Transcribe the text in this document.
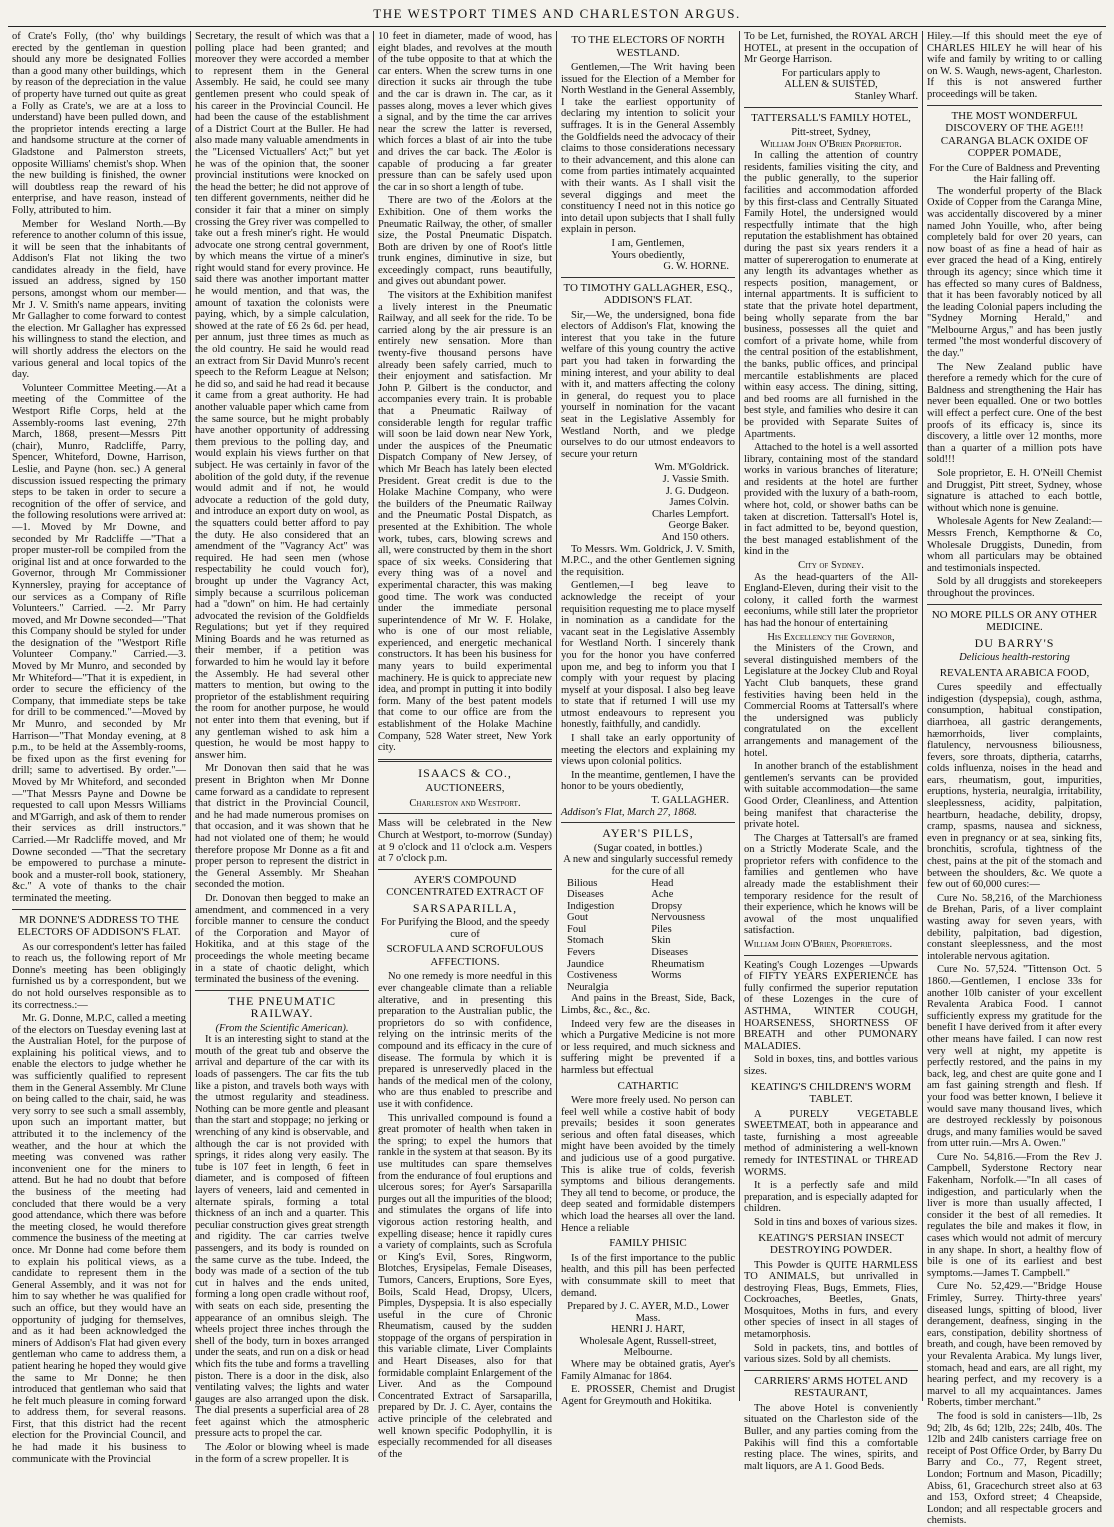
THE WESTPORT TIMES AND CHARLESTON ARGUS.

of Crate's Folly, (tho' why buildings erected by the gentleman in question should any more be designated Follies than a good many other buildings, which by reason of the depreciation in the value of property have turned out quite as great a Folly as Crate's, we are at a loss to understand) have been pulled down, and the proprietor intends erecting a large and handsome structure at the corner of Gladstone and Palmerston streets, opposite Williams' chemist's shop. When the new building is finished, the owner will doubtless reap the reward of his enterprise, and have reason, instead of Folly, attributed to him.

Member for Wesland North.—By reference to another column of this issue, it will be seen that the inhabitants of Addison's Flat not liking the two candidates already in the field, have issued an address, signed by 150 persons, amongst whom our member—Mr J. V. Smith's name appears, inviting Mr Gallagher to come forward to contest the election. Mr Gallagher has expressed his willingness to stand the election, and will shortly address the electors on the various general and local topics of the day.

Volunteer Committee Meeting.—At a meeting of the Committee of the Westport Rifle Corps, held at the Assembly-rooms last evening, 27th March, 1868, present—Messrs Pitt (chair), Munro, Radcliffe, Parry, Spencer, Whiteford, Downe, Harrison, Leslie, and Payne (hon. sec.) A general discussion issued respecting the primary steps to be taken in order to secure a recognition of the offer of service, and the following resolutions were arrived at:—1. Moved by Mr Downe, and seconded by Mr Radcliffe —"That a proper muster-roll be compiled from the original list and at once forwarded to the Governor, through Mr Commissioner Kynnersley, praying for acceptance of our services as a Company of Rifle Volunteers." Carried. —2. Mr Parry moved, and Mr Downe seconded—"That this Company should be styled for under the designation of the "Westport Rifle Volunteer Company." Carried.—3. Moved by Mr Munro, and seconded by Mr Whiteford—"That it is expedient, in order to secure the efficiency of the Company, that immediate steps be take for drill to be commenced."—Moved by Mr Munro, and seconded by Mr Harrison—"That Monday evening, at 8 p.m., to be held at the Assembly-rooms, be fixed upon as the first evening for drill; same to advertised. By order."—Moved by Mr Whiteford, and seconded—"That Messrs Payne and Downe be requested to call upon Messrs Williams and M'Garrigh, and ask of them to render their services as drill instructors." Carried.—Mr Radcliffe moved, and Mr Downe seconded —"That the secretary be empowered to purchase a minute-book and a muster-roll book, stationery, &c." A vote of thanks to the chair terminated the meeting.

MR DONNE'S ADDRESS TO THE ELECTORS OF ADDISON'S FLAT.

As our correspondent's letter has failed to reach us, the following report of Mr Donne's meeting has been obligingly furnished us by a correspondent, but we do not hold ourselves responsible as to its correctness.:—

Mr. G. Donne, M.P.C, called a meeting of the electors on Tuesday evening last at the Australian Hotel, for the purpose of explaining his political views, and to enable the electors to judge whether he was sufficiently qualified to represent them in the General Assembly. Mr Clune on being called to the chair, said, he was very sorry to see such a small assembly, upon such an important matter, but attributed it to the inclemency of the weather, and the hour at which the meeting was convened was rather inconvenient one for the miners to attend. But he had no doubt that before the business of the meeting had concluded that there would be a very good attendance, which there was before the meeting closed, he would therefore commence the business of the meeting at once. Mr Donne had come before them to explain his political views, as a candidate to represent them in the General Assembly, and it was not for him to say whether he was qualified for such an office, but they would have an opportunity of judging for themselves, and as it had been acknowledged the miners of Addison's Flat had given every gentleman who came to address them, a patient hearing he hoped they would give the same to Mr Donne; he then introduced that gentleman who said that he felt much pleasure in coming forward to address them, for several reasons. First, that this district had the recent election for the Provincial Council, and he had made it his business to communicate with the Provincial

Secretary, the result of which was that a polling place had been granted; and moreover they were accorded a member to represent them in the General Assembly. He said, he could see many gentlemen present who could speak of his career in the Provincial Council. He had been the cause of the establishment of a District Court at the Buller. He had also made many valuable amendments in the "Licensed Victuallers' Act;" but yet he was of the opinion that, the sooner provincial institutions were knocked on the head the better; he did not approve of ten different governments, neither did he consider it fair that a miner on simply crossing the Grey river was compelled to take out a fresh miner's right. He would advocate one strong central government, by which means the virtue of a miner's right would stand for every province. He said there was another important matter he would mention, and that was, the amount of taxation the colonists were paying, which, by a simple calculation, showed at the rate of £6 2s 6d. per head, per annum, just three times as much as the old country. He said he would read an extract from Sir David Munro's recent speech to the Reform League at Nelson; he did so, and said he had read it because it came from a great authority. He had another valuable paper which came from the same source, but he might probably have another opportunity of addressing them previous to the polling day, and would explain his views further on that subject. He was certainly in favor of the abolition of the gold duty, if the revenue would admit and if not, he would advocate a reduction of the gold duty, and introduce an export duty on wool, as the squatters could better afford to pay the duty. He also considered that an amendment of the "Vagrancy Act" was required. He had seen men (whose respectability he could vouch for), brought up under the Vagrancy Act, simply because a scurrilous policeman had a "down" on him. He had certainly advocated the revision of the Goldfields Regulations; but yet if they required Mining Boards and he was returned as their member, if a petition was forwarded to him he would lay it before the Assembly. He had several other matters to mention, but owing to the proprietor of the establishment requiring the room for another purpose, he would not enter into them that evening, but if any gentleman wished to ask him a question, he would be most happy to answer him.

Mr Donovan then said that he was present in Brighton when Mr Donne came forward as a candidate to represent that district in the Provincial Council, and he had made numerous promises on that occasion, and it was shown that he had not violated one of them; he would therefore propose Mr Donne as a fit and proper person to represent the district in the General Assembly. Mr Sheahan seconded the motion.

Dr. Donovan then begged to make an amendment, and commenced in a very forcible manner to censure the conduct of the Corporation and Mayor of Hokitika, and at this stage of the proceedings the whole meeting became in a state of chaotic delight, which terminated the business of the evening.

THE PNEUMATIC RAILWAY.
(From the Scientific American).

It is an interesting sight to stand at the mouth of the great tub and observe the arrival and departure of the car with its loads of passengers. The car fits the tub like a piston, and travels both ways with the utmost regularity and steadiness. Nothing can be more gentle and pleasant than the start and stoppage; no jerking or wrenching of any kind is observable, and although the car is not provided with springs, it rides along very easily. The tube is 107 feet in length, 6 feet in diameter, and is composed of fifteen layers of veneers, laid and cemented in alternate spirals, forming a total thickness of an inch and a quarter. This peculiar construction gives great strength and rigidity. The car carries twelve passengers, and its body is rounded on the same curve as the tube. Indeed, the body was made of a section of the tub cut in halves and the ends united, forming a long open cradle without roof, with seats on each side, presenting the appearance of an omnibus sleigh. The wheels project three inches through the shell of the body, turn in boxes arranged under the seats, and run on a disk or head which fits the tube and forms a travelling piston. There is a door in the disk, also ventilating valves; the lights and water gauges are also arranged upon the disk. The dial presents a superficial area of 28 feet against which the atmospheric pressure acts to propel the car.

The Æolor or blowing wheel is made in the form of a screw propeller. It is

10 feet in diameter, made of wood, has eight blades, and revolves at the mouth of the tube opposite to that at which the car enters. When the screw turns in one direction it sucks air through the tube and the car is drawn in. The car, as it passes along, moves a lever which gives a signal, and by the time the car arrives near the screw the latter is reversed, which forces a blast of air into the tube and drives the car back. The Æolor is capable of producing a far greater pressure than can be safely used upon the car in so short a length of tube.

There are two of the Æolors at the Exhibition. One of them works the Pneumatic Railway, the other, of smaller size, the Postal Pneumatic Dispatch. Both are driven by one of Root's little trunk engines, diminutive in size, but exceedingly compact, runs beautifully, and gives out abundant power.

The visitors at the Exhibition manifest a lively interest in the Pneumatic Railway, and all seek for the ride. To be carried along by the air pressure is an entirely new sensation. More than twenty-five thousand persons have already been safely carried, much to their enjoyment and satisfaction. Mr John P. Gilbert is the conductor, and accompanies every train. It is probable that a Pneumatic Railway of considerable length for regular traffic will soon be laid down near New York, under the auspices of the Pneumatic Dispatch Company of New Jersey, of which Mr Beach has lately been elected President. Great credit is due to the Holake Machine Company, who were the builders of the Pneumatic Railway and the Pneumatic Postal Dispatch, as presented at the Exhibition. The whole work, tubes, cars, blowing screws and all, were constructed by them in the short space of six weeks. Considering that every thing was of a novel and experimental character, this was making good time. The work was conducted under the immediate personal superintendence of Mr W. F. Holake, who is one of our most reliable, experienced, and energetic mechanical constructors. It has been his business for many years to build experimental machinery. He is quick to appreciate new idea, and prompt in putting it into bodily form. Many of the best patent models that come to our office are from the establishment of the Holake Machine Company, 528 Water street, New York city.

ISAACS & CO.,
AUCTIONEERS,
Charleston and Westport.

Mass will be celebrated in the New Church at Westport, to-morrow (Sunday) at 9 o'clock and 11 o'clock a.m. Vespers at 7 o'clock p.m.

AYER'S COMPOUND CONCENTRATED EXTRACT OF
SARSAPARILLA,
For Purifying the Blood, and the speedy cure of
SCROFULA AND SCROFULOUS AFFECTIONS.

No one remedy is more needful in this ever changeable climate than a reliable alterative, and in presenting this preparation to the Australian public, the proprietors do so with confidence, relying on the intrinsic merits of the compound and its efficacy in the cure of disease. The formula by which it is prepared is unreservedly placed in the hands of the medical men of the colony, who are thus enabled to prescribe and use it with confidence.

This unrivalled compound is found a great promoter of health when taken in the spring; to expel the humors that rankle in the system at that season. By its use multitudes can spare themselves from the endurance of foul eruptions and ulcerous sores; for Ayer's Sarsaparilla purges out all the impurities of the blood; and stimulates the organs of life into vigorous action restoring health, and expelling disease; hence it rapidly cures a variety of complaints, such as Scrofula or King's Evil, Sores, Ringworm, Blotches, Erysipelas, Female Diseases, Tumors, Cancers, Eruptions, Sore Eyes, Boils, Scald Head, Dropsy, Ulcers, Pimples, Dyspepsia. It is also especially useful in the cure of Chronic Rheumatism, caused by the sudden stoppage of the organs of perspiration in this variable climate, Liver Complaints and Heart Diseases, also for that formidable complaint Enlargement of the Liver. And as the Compound Concentrated Extract of Sarsaparilla, prepared by Dr. J. C. Ayer, contains the active principle of the celebrated and well known specific Podophyllin, it is especially recommended for all diseases of the

TO THE ELECTORS OF NORTH WESTLAND.

Gentlemen,—The Writ having been issued for the Election of a Member for North Westland in the General Assembly, I take the earliest opportunity of declaring my intention to solicit your suffrages. It is in the General Assembly the Goldfields need the advocacy of their claims to those considerations necessary to their advancement, and this alone can come from parties intimately acquainted with their wants. As I shall visit the several diggings and meet the constituency I need not in this notice go into detail upon subjects that I shall fully explain in person.

I am, Gentlemen,
Yours obediently,
G. W. HORNE.
TO TIMOTHY GALLAGHER, ESQ., ADDISON'S FLAT.

Sir,—We, the undersigned, bona fide electors of Addison's Flat, knowing the interest that you take in the future welfare of this young country the active part you had taken in forwarding the mining interest, and your ability to deal with it, and matters affecting the colony in general, do request you to place yourself in nomination for the vacant seat in the Legislative Assembly for Westland North, and we pledge ourselves to do our utmost endeavors to secure your return

Wm. M'Goldrick.
J. Vassie Smith.
J. G. Dudgeon.
James Colvin.
Charles Lempfort.
George Baker.
And 150 others.

To Messrs. Wm. Goldrick, J. V. Smith, M.P.C., and the other Gentlemen signing the requisition.

Gentlemen,—I beg leave to acknowledge the receipt of your requisition requesting me to place myself in nomination as a candidate for the vacant seat in the Legislative Assembly for Westland North. I sincerely thank you for the honor you have conferred upon me, and beg to inform you that I comply with your request by placing myself at your disposal. I also beg leave to state that if returned I will use my utmost endeavours to represent you honestly, faithfully, and candidly.

I shall take an early opportunity of meeting the electors and explaining my views upon colonial politics.

In the meantime, gentlemen, I have the honor to be yours obediently,

T. GALLAGHER.
Addison's Flat, March 27, 1868.
AYER'S PILLS,
(Sugar coated, in bottles.)
A new and singularly successful remedy for the cure of all
Bilious Diseases
Indigestion
Gout
Foul Stomach
Fevers
Jaundice
Costiveness
Neuralgia
Head Ache
Dropsy
Nervousness
Piles
Skin Diseases
Rheumatism
Worms

And pains in the Breast, Side, Back, Limbs, &c., &c., &c.

Indeed very few are the diseases in which a Purgative Medicine is not more or less required, and much sickness and suffering might be prevented if a harmless but effectual

CATHARTIC

Were more freely used. No person can feel well while a costive habit of body prevails; besides it soon generates serious and often fatal diseases, which might have been avoided by the timely and judicious use of a good purgative. This is alike true of colds, feverish symptoms and bilious derangements. They all tend to become, or produce, the deep seated and formidable distempers which load the hearses all over the land. Hence a reliable

FAMILY PHISIC

Is of the first importance to the public health, and this pill has been perfected with consummate skill to meet that demand.

Prepared by J. C. AYER, M.D., Lower Mass.
HENRI J. HART,
Wholesale Agent, Russell-street, Melbourne.

Where may be obtained gratis, Ayer's Family Almanac for 1864.

E. PROSSER, Chemist and Drugist Agent for Greymouth and Hokitika.

To be Let, furnished, the ROYAL ARCH HOTEL, at present in the occupation of Mr George Harrison.

For particulars apply to
ALLEN & SUISTED,
Stanley Wharf.
TATTERSALL'S FAMILY HOTEL,
Pitt-street, Sydney,
William John O'Brien Proprietor.

In calling the attention of country residents, families visiting the city, and the public generally, to the superior facilities and accommodation afforded by this first-class and Centrally Situated Family Hotel, the undersigned would respectfully intimate that the high reputation the establishment has obtained during the past six years renders it a matter of supererogation to enumerate at any length its advantages whether as respects position, management, or internal appartments. It is sufficient to state that the private hotel department, being wholly separate from the bar business, possesses all the quiet and comfort of a private home, while from the central position of the establishment, the banks, public offices, and principal mercantile establishments are placed within easy access. The dining, sitting, and bed rooms are all furnished in the best style, and families who desire it can be provided with Separate Suites of Apartments.

Attached to the hotel is a well assorted library, containing most of the standard works in various branches of literature; and residents at the hotel are further provided with the luxury of a bath-room, where hot, cold, or shower baths can be taken at discretion. Tattersall's Hotel is, in fact admitted to be, beyond question, the best managed establishment of the kind in the

City of Sydney.

As the head-quarters of the All-England-Eleven, during their visit to the colony, it called forth the warmest eeconiums, while still later the proprietor has had the honour of entertaining

His Excellency the Governor,

the Ministers of the Crown, and several distinguished members of the Legislature at the Jockey Club and Royal Yacht Club banquets, these grand festivities having been held in the Commercial Rooms at Tattersall's where the undersigned was publicly congratulated on the excellent arrangements and management of the hotel.

In another branch of the establishment gentlemen's servants can be provided with suitable accommodation—the same Good Order, Cleanliness, and Attention being manifest that characterise the private hotel.

The Charges at Tattersall's are framed on a Strictly Moderate Scale, and the proprietor refers with confidence to the families and gentlemen who have already made the establishment their temporary residence for the result of their experience, which he knows will be avowal of the most unqualified satisfaction.

William John O'Brien, Proprietors.

Keating's Cough Lozenges —Upwards of FIFTY YEARS EXPERIENCE has fully confirmed the superior reputation of these Lozenges in the cure of ASTHMA, WINTER COUGH, HOARSENESS, SHORTNESS OF BREATH and other PUMONARY MALADIES.

Sold in boxes, tins, and bottles various sizes.

KEATING'S CHILDREN'S WORM TABLET.

A PURELY VEGETABLE SWEETMEAT, both in appearance and taste, furnishing a most agreeable method of administering a well-known remedy for INTESTINAL or THREAD WORMS.

It is a perfectly safe and mild preparation, and is especially adapted for children.

Sold in tins and boxes of various sizes.

KEATING'S PERSIAN INSECT DESTROYING POWDER.

This Powder is QUITE HARMLESS TO ANIMALS, but unrivalled in destroying Fleas, Bugs, Emmets, Flies, Cockroaches, Beetles, Gnats, Mosquitoes, Moths in furs, and every other species of insect in all stages of metamorphosis.

Sold in packets, tins, and bottles of various sizes. Sold by all chemists.

CARRIERS' ARMS HOTEL AND RESTAURANT,

The above Hotel is conveniently situated on the Charleston side of the Buller, and any parties coming from the Pakihis will find this a comfortable resting place. The wines, spirits, and malt liquors, are A 1. Good Beds.

Hiley.—If this should meet the eye of CHARLES HILEY he will hear of his wife and family by writing to or calling on W. S. Waugh, news-agent, Charleston. If this is not answered further proceedings will be taken.

THE MOST WONDERFUL DISCOVERY OF THE AGE!!! CARANGA BLACK OXIDE OF COPPER POMADE,
For the Cure of Baldness and Preventing the Hair falling off.

The wonderful property of the Black Oxide of Copper from the Caranga Mine, was accidentally discovered by a miner named John Youille, who, after being completely bald for over 20 years, can now boast of as fine a head of hair as ever graced the head of a King, entirely through its agency; since which time it has effected so many cures of Baldness, that it has been favorably noticed by all the leading Colonial papers including the "Sydney Morning Herald," and "Melbourne Argus," and has been justly termed "the most wonderful discovery of the day."

The New Zealand public have therefore a remedy which for the cure of Baldness and strengthening the Hair has never been equalled. One or two bottles will effect a perfect cure. One of the best proofs of its efficacy is, since its discovery, a little over 12 months, more than a quarter of a million pots have sold!!!

Sole proprietor, E. H. O'Neill Chemist and Druggist, Pitt street, Sydney, whose signature is attached to each bottle, without which none is genuine.

Wholesale Agents for New Zealand:—Messrs French, Kempthorne & Co, Wholesale Druggists, Dunedin, from whom all particulars may be obtained and testimonials inspected.

Sold by all druggists and storekeepers throughout the provinces.

NO MORE PILLS OR ANY OTHER MEDICINE.
DU BARRY'S
Delicious health-restoring
REVALENTA ARABICA FOOD,

Cures speedily and effectually indigestion (dyspepsia), cough, asthma, consumption, habitual constipation, diarrhoea, all gastric derangements, hæmorrhoids, liver complaints, flatulency, nervousness biliousness, fevers, sore throats, diptheria, catarrhs, colds influenza, noises in the head and ears, rheumatism, gout, impurities, eruptions, hysteria, neuralgia, irritability, sleeplessness, acidity, palpitation, heartburn, headache, debility, dropsy, cramp, spasms, nausea and sickness, even in pregnancy or at sea, sinking fits, bronchitis, scrofula, tightness of the chest, pains at the pit of the stomach and between the shoulders, &c. We quote a few out of 60,000 cures:—

Cure No. 58,216, of the Marchioness de Brehan, Paris, of a liver complaint wasting away for seven years, with debility, palpitation, bad digestion, constant sleeplessness, and the most intolerable nervous agitation.

Cure No. 57,524. "Tittenson Oct. 5 1860.—Gentlemen, I enclose 33s for another 10lb canister of your excellent Revalenta Arabica Food. I cannot sufficiently express my gratitude for the benefit I have derived from it after every other means have failed. I can now rest very well at night, my appetite is perfectly restored, and the pains in my back, leg, and chest are quite gone and I am fast gaining strength and flesh. If your food was better known, I believe it would save many thousand lives, which are destroyed recklessly by poisonous drugs, and many families would be saved from utter ruin.—Mrs A. Owen."

Cure No. 54,816.—From the Rev J. Campbell, Syderstone Rectory near Fakenham, Norfolk.—"In all cases of indigestion, and particularly when the liver is more than usually affected, I consider it the best of all remedies. It regulates the bile and makes it flow, in cases which would not admit of mercury in any shape. In short, a healthy flow of bile is one of its earliest and best symptoms.—James T. Campbell."

Cure No. 52,429.—"Bridge House Frimley, Surrey. Thirty-three years' diseased lungs, spitting of blood, liver derangement, deafness, singing in the ears, constipation, debility shortness of breath, and cough, have been removed by your Revalenta Arabica. My lungs liver, stomach, head and ears, are all right, my hearing perfect, and my recovery is a marvel to all my acquaintances. James Roberts, timber merchant."

The food is sold in canisters—1lb, 2s 9d; 2lb, 4s 6d; 12lb, 22s; 24lb, 40s. The 12lb and 24lb canisters carriage free on receipt of Post Office Order, by Barry Du Barry and Co., 77, Regent street, London; Fortnum and Mason, Picadilly; Abiss, 61, Gracechurch street also at 63 and 153, Oxford street; 4 Cheapside, London; and all respectable grocers and chemists.
